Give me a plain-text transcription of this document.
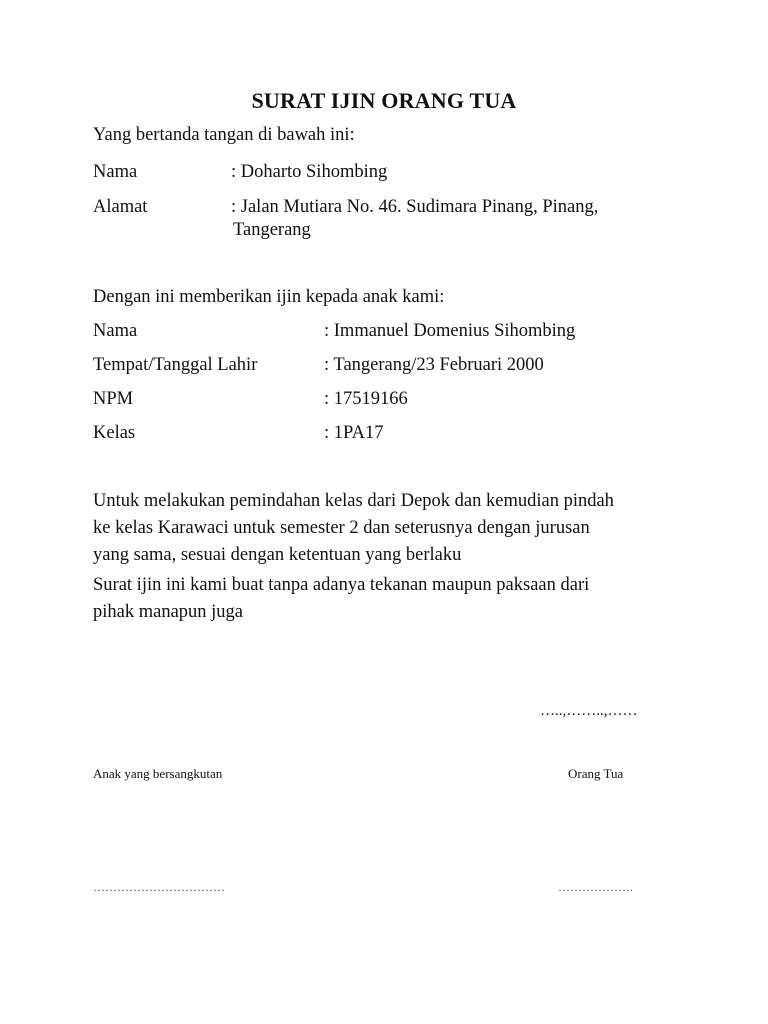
SURAT IJIN ORANG TUA
Yang bertanda tangan di bawah ini:
Nama	: Doharto Sihombing
Alamat	: Jalan Mutiara No. 46. Sudimara Pinang, Pinang,
Tangerang
Dengan ini memberikan ijin kepada anak kami:
Nama	: Immanuel Domenius Sihombing
Tempat/Tanggal Lahir	: Tangerang/23 Februari 2000
NPM	: 17519166
Kelas	: 1PA17
Untuk melakukan pemindahan kelas dari Depok dan kemudian pindah
ke kelas Karawaci untuk semester 2 dan seterusnya dengan jurusan
yang sama, sesuai dengan ketentuan yang berlaku
Surat ijin ini kami buat tanpa adanya tekanan maupun paksaan dari
pihak manapun juga
…..,……..,……
Anak yang bersangkutan	Orang Tua
……………………………	……………….
